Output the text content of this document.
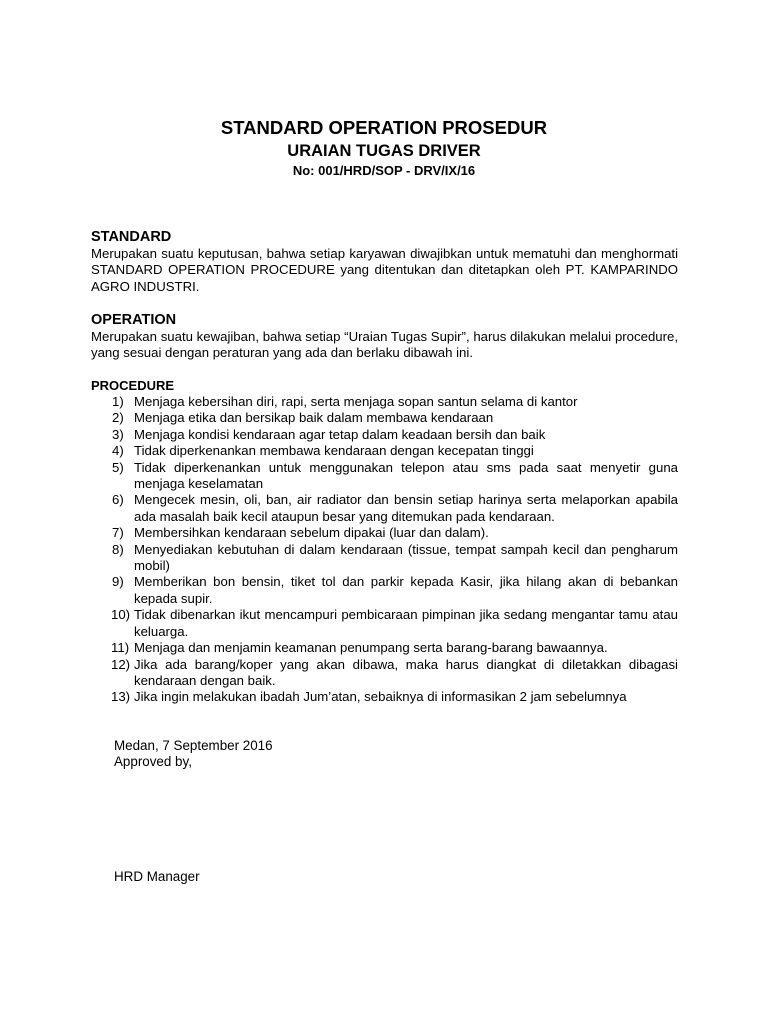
STANDARD OPERATION PROSEDUR
URAIAN TUGAS DRIVER
No: 001/HRD/SOP - DRV/IX/16
STANDARD

Merupakan suatu keputusan, bahwa setiap karyawan diwajibkan untuk mematuhi dan menghormati STANDARD OPERATION PROCEDURE yang ditentukan dan ditetapkan oleh PT. KAMPARINDO AGRO INDUSTRI.

OPERATION

Merupakan suatu kewajiban, bahwa setiap “Uraian Tugas Supir”, harus dilakukan melalui procedure, yang sesuai dengan peraturan yang ada dan berlaku dibawah ini.

PROCEDURE
1) Menjaga kebersihan diri, rapi, serta menjaga sopan santun selama di kantor
2) Menjaga etika dan bersikap baik dalam membawa kendaraan
3) Menjaga kondisi kendaraan agar tetap dalam keadaan bersih dan baik
4) Tidak diperkenankan membawa kendaraan dengan kecepatan tinggi
5) Tidak diperkenankan untuk menggunakan telepon atau sms pada saat menyetir guna menjaga keselamatan
6) Mengecek mesin, oli, ban, air radiator dan bensin setiap harinya serta melaporkan apabila ada masalah baik kecil ataupun besar yang ditemukan pada kendaraan.
7) Membersihkan kendaraan sebelum dipakai (luar dan dalam).
8) Menyediakan kebutuhan di dalam kendaraan (tissue, tempat sampah kecil dan pengharum mobil)
9) Memberikan bon bensin, tiket tol dan parkir kepada Kasir, jika hilang akan di bebankan kepada supir.
10) Tidak dibenarkan ikut mencampuri pembicaraan pimpinan jika sedang mengantar tamu atau keluarga.
11) Menjaga dan menjamin keamanan penumpang serta barang-barang bawaannya.
12) Jika ada barang/koper yang akan dibawa, maka harus diangkat di diletakkan dibagasi kendaraan dengan baik.
13) Jika ingin melakukan ibadah Jum’atan, sebaiknya di informasikan 2 jam sebelumnya
Medan, 7 September 2016
Approved by,
HRD Manager
